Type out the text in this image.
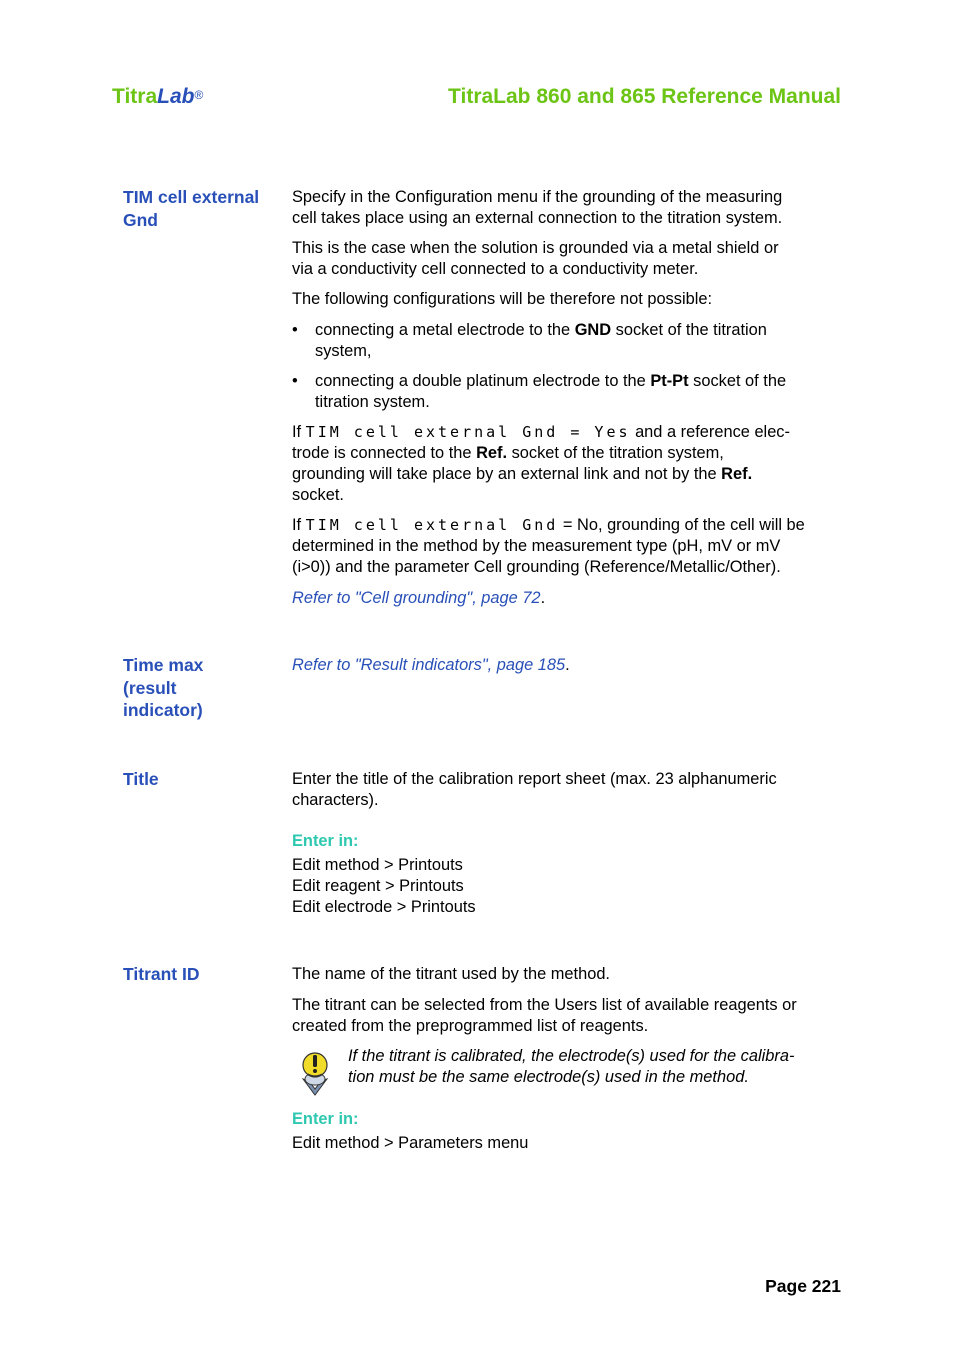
TitraLab®	TitraLab 860 and 865 Reference Manual
TIM cell external
Gnd
Specify in the Configuration menu if the grounding of the measuring
cell takes place using an external connection to the titration system.
This is the case when the solution is grounded via a metal shield or
via a conductivity cell connected to a conductivity meter.
The following configurations will be therefore not possible:
• connecting a metal electrode to the GND socket of the titration
system,
• connecting a double platinum electrode to the Pt-Pt socket of the
titration system.
If TIM cell external Gnd = Yes and a reference elec-
trode is connected to the Ref. socket of the titration system,
grounding will take place by an external link and not by the Ref.
socket.
If TIM cell external Gnd = No, grounding of the cell will be
determined in the method by the measurement type (pH, mV or mV
(i>0)) and the parameter Cell grounding (Reference/Metallic/Other).
Refer to "Cell grounding", page 72.
Time max
(result
indicator)
Refer to "Result indicators", page 185.
Title	Enter the title of the calibration report sheet (max. 23 alphanumeric
characters).
Enter in:
Edit method > Printouts
Edit reagent > Printouts
Edit electrode > Printouts
Titrant ID	The name of the titrant used by the method.
The titrant can be selected from the Users list of available reagents or
created from the preprogrammed list of reagents.
If the titrant is calibrated, the electrode(s) used for the calibra-
tion must be the same electrode(s) used in the method.
Enter in:
Edit method > Parameters menu
Page 221
